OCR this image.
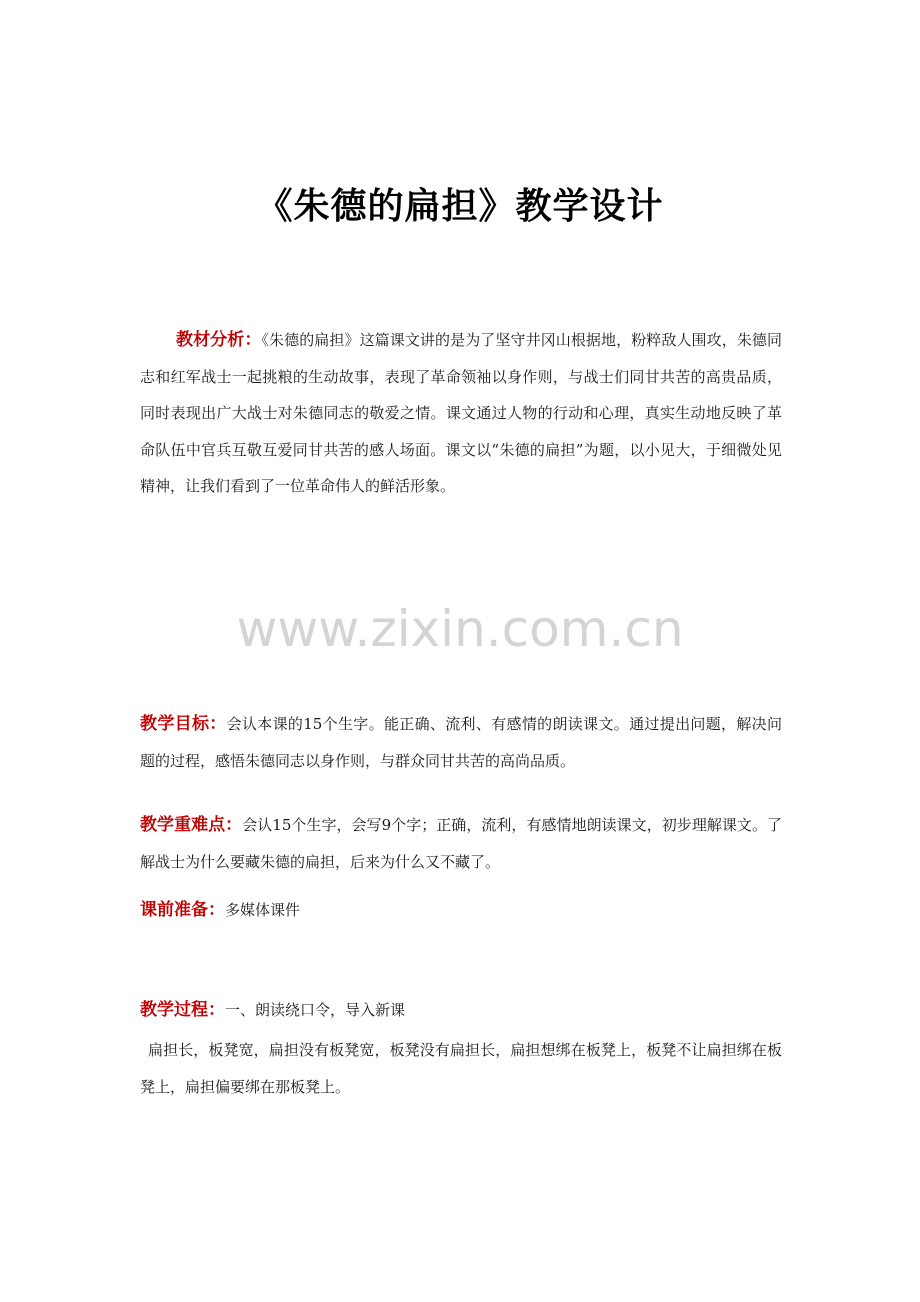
《朱德的扁担》教学设计
教材分析：《朱德的扁担》这篇课文讲的是为了坚守井冈山根据地，粉粹敌人围攻，朱德同志和红军战士一起挑粮的生动故事，表现了革命领袖以身作则，与战士们同甘共苦的高贵品质，同时表现出广大战士对朱德同志的敬爱之情。课文通过人物的行动和心理，真实生动地反映了革命队伍中官兵互敬互爱同甘共苦的感人场面。课文以“朱德的扁担”为题，以小见大，于细微处见精神，让我们看到了一位革命伟人的鲜活形象。
www.zixin.com.cn
教学目标：会认本课的15个生字。能正确、流利、有感情的朗读课文。通过提出问题，解决问题的过程，感悟朱德同志以身作则，与群众同甘共苦的高尚品质。
教学重难点：会认15个生字，会写9个字；正确，流利，有感情地朗读课文，初步理解课文。了解战士为什么要藏朱德的扁担，后来为什么又不藏了。
课前准备：多媒体课件
教学过程：一、朗读绕口令，导入新课
扁担长，板凳宽，扁担没有板凳宽，板凳没有扁担长，扁担想绑在板凳上，板凳不让扁担绑在板凳上，扁担偏要绑在那板凳上。
